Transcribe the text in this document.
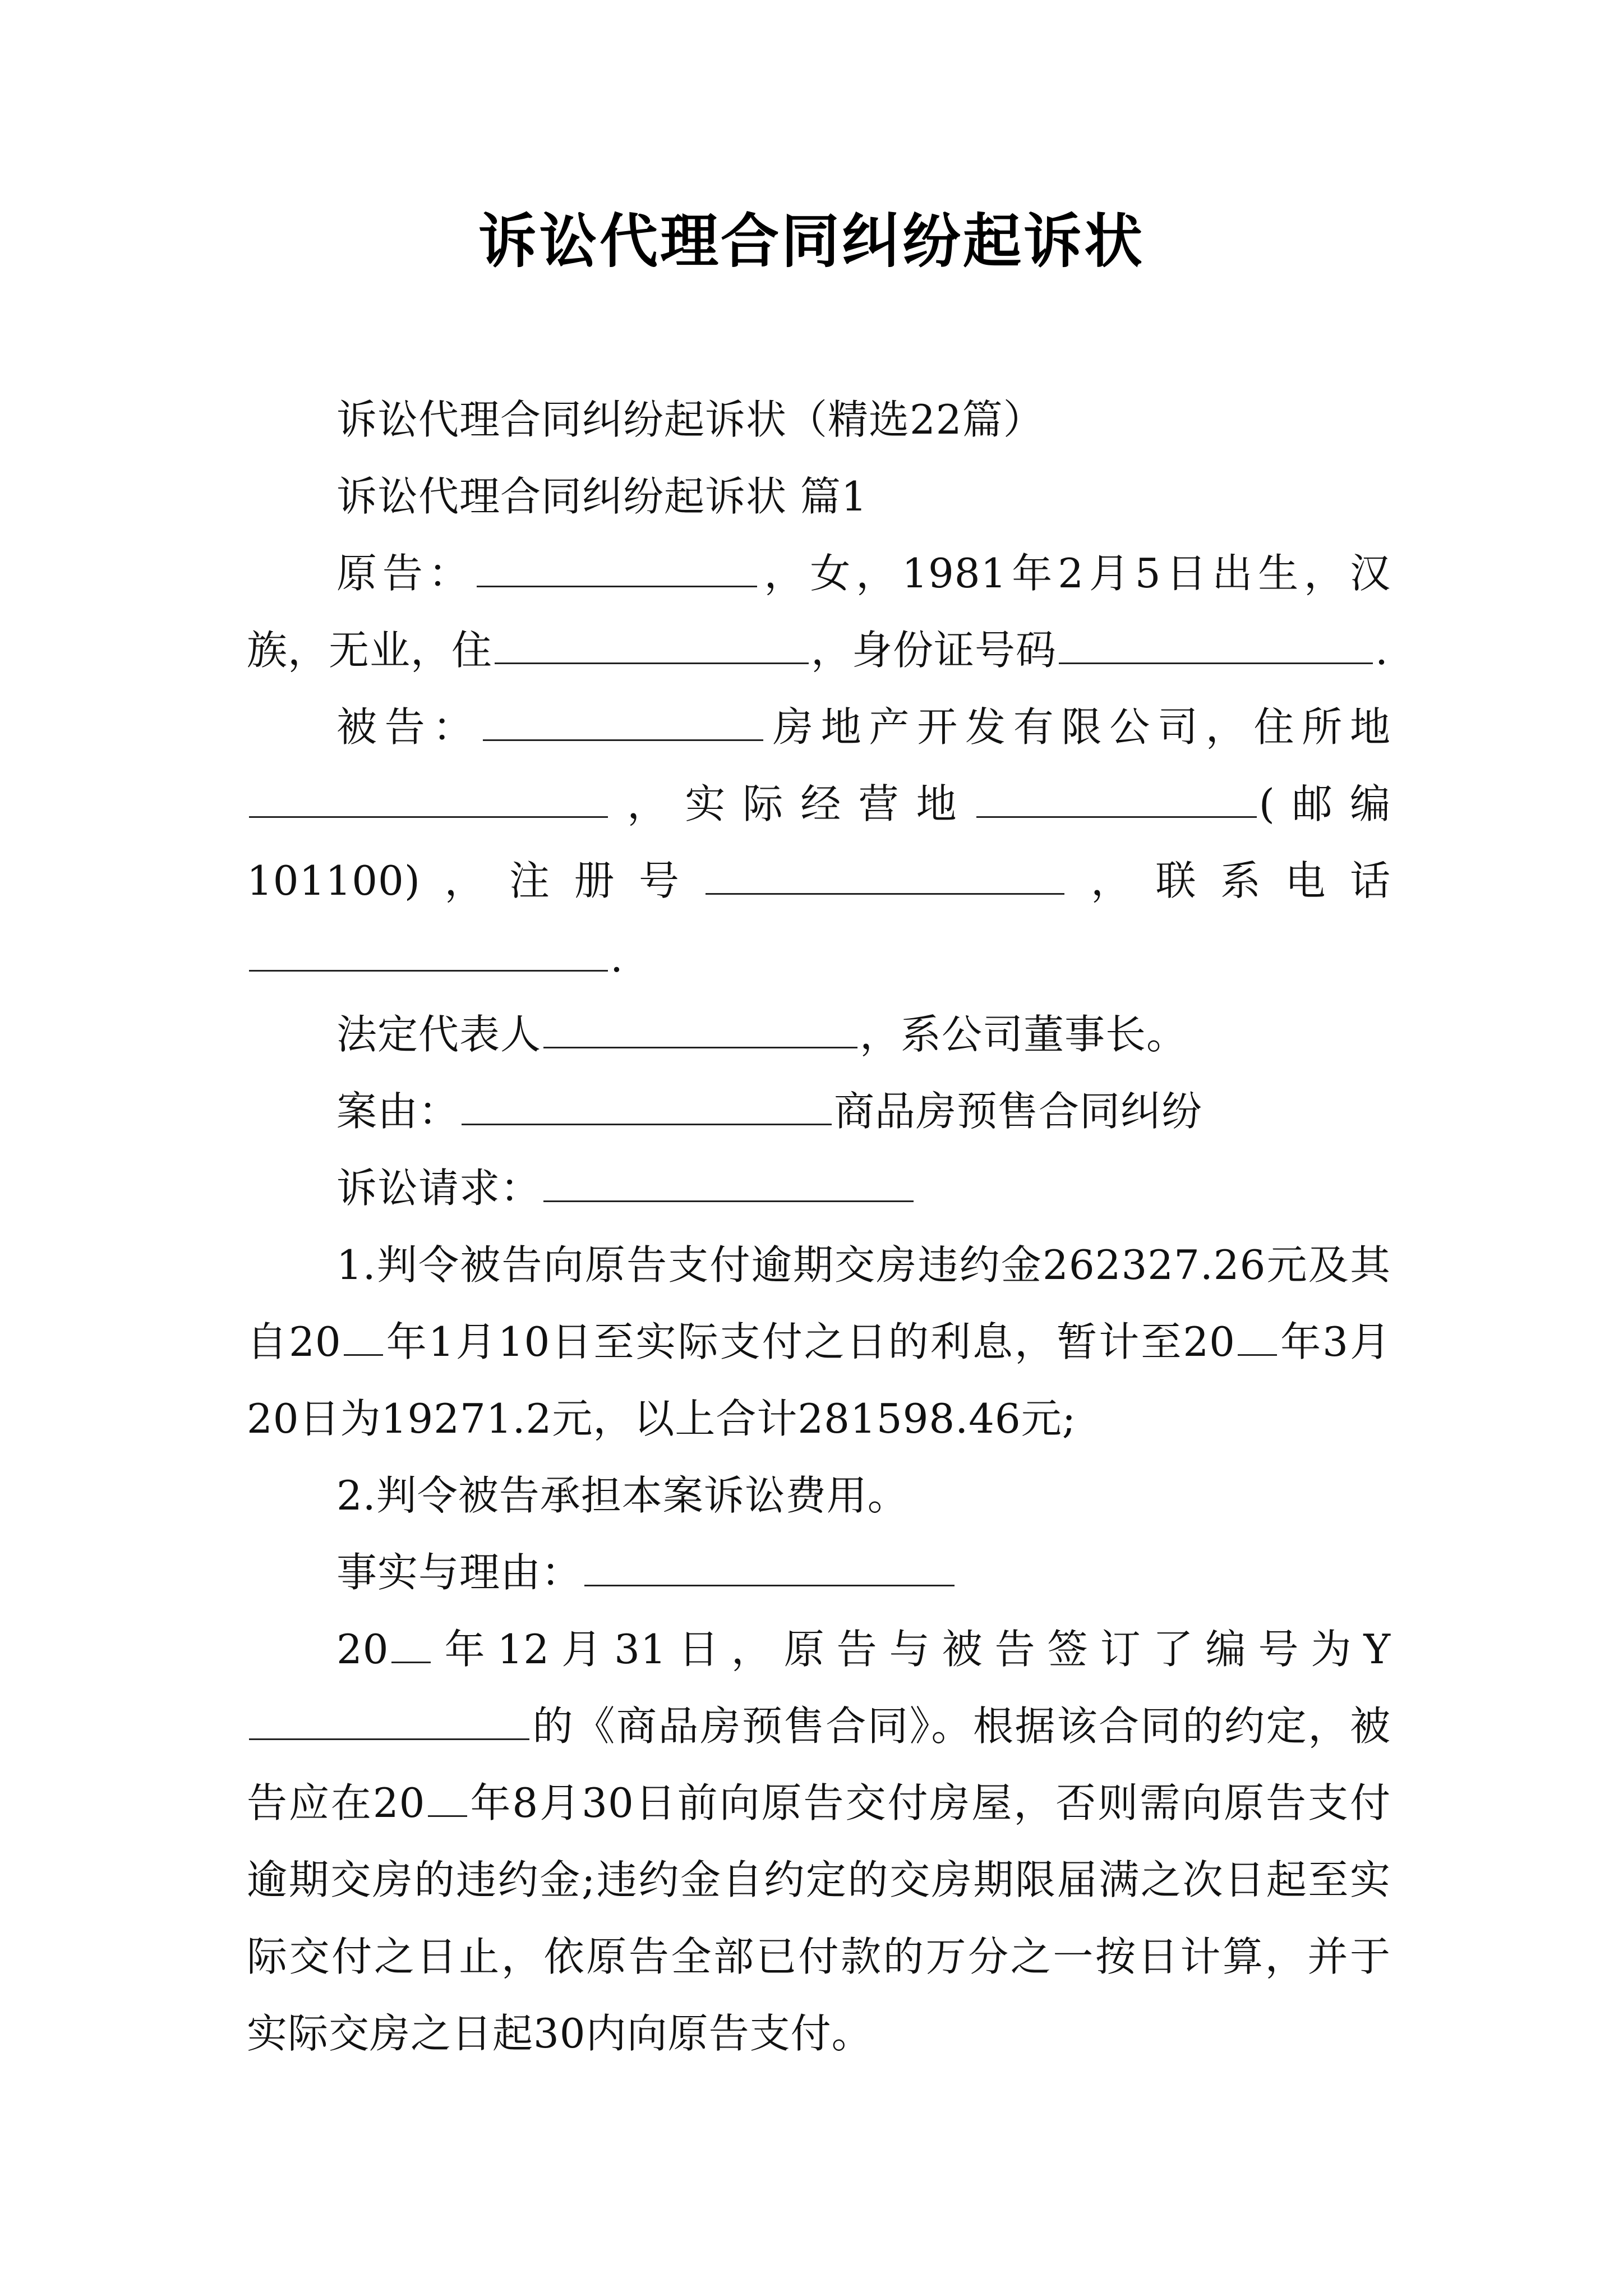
诉讼代理合同纠纷起诉状

诉讼代理合同纠纷起诉状（精选22篇）

诉讼代理合同纠纷起诉状 篇1

原告：	，女，1981年2月5日出生，汉族，无业，住	，身份证号码	.

被告：	房地产开发有限公司，住所地，实际经营地	(邮编101100)，注册号	，联系电话.

法定代表人	，系公司董事长。

案由：	商品房预售合同纠纷

诉讼请求：

1.判令被告向原告支付逾期交房违约金262327.26元及其自20 年1月10日至实际支付之日的利息，暂计至20 年3月20日为19271.2元，以上合计281598.46元;

2.判令被告承担本案诉讼费用。

事实与理由：

20 年12月31日，原告与被告签订了编号为Y的《商品房预售合同》。根据该合同的约定，被告应在20 年8月30日前向原告交付房屋，否则需向原告支付逾期交房的违约金;违约金自约定的交房期限届满之次日起至实际交付之日止，依原告全部已付款的万分之一按日计算，并于实际交房之日起30内向原告支付。
